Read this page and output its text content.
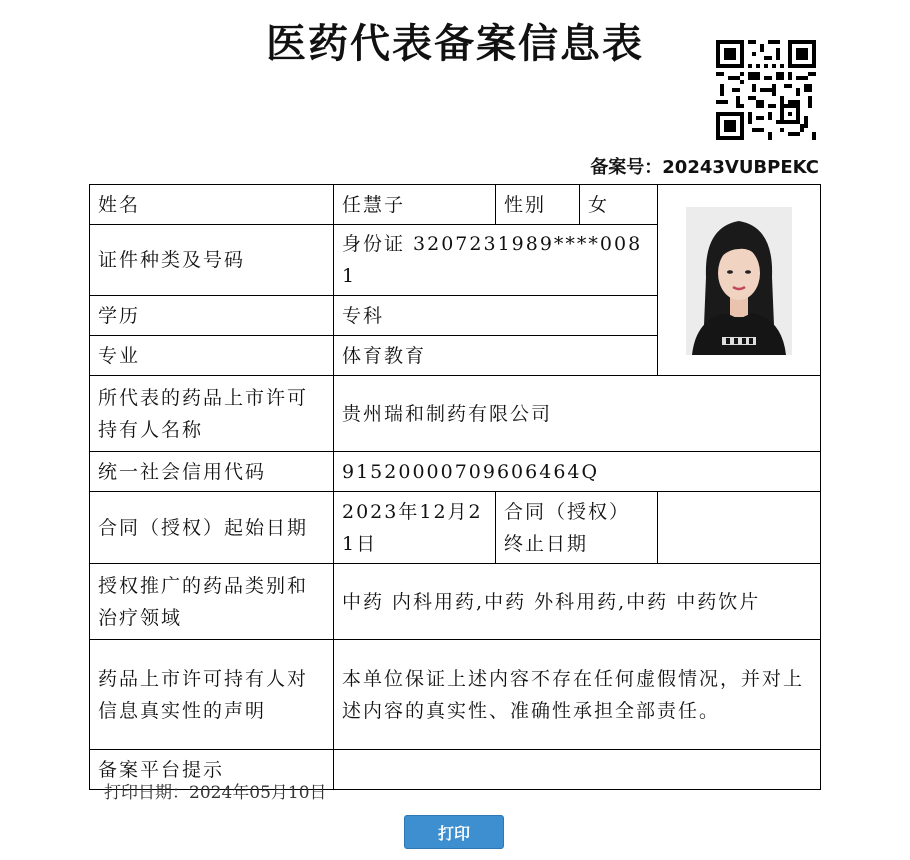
医药代表备案信息表
备案号：20243VUBPEKC
姓名	任慧子	性别	女	

证件种类及号码	身份证 3207231989****0081			
学历	专科			
专业	体育教育			
所代表的药品上市许可持有人名称	贵州瑞和制药有限公司			
统一社会信用代码	91520000709606464Q			
合同（授权）起始日期	2023年12月21日	合同（授权）终止日期		
授权推广的药品类别和治疗领域	中药 内科用药,中药 外科用药,中药 中药饮片			
药品上市许可持有人对信息真实性的声明	本单位保证上述内容不存在任何虚假情况，并对上述内容的真实性、准确性承担全部责任。			
备案平台提示				
打印日期：2024年05月10日
打印
